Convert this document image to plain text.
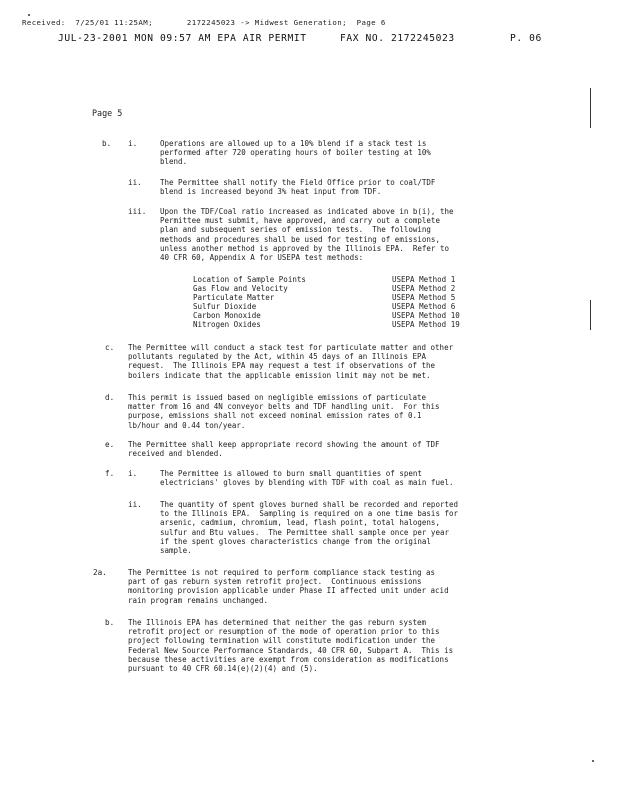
Received:  7/25/01 11:25AM;       2172245023 -> Midwest Generation;  Page 6

JUL-23-2001 MON 09:57 AM EPA AIR PERMIT

	FAX NO. 2172245023

	P. 06

Page 5
b. i.	Operations are allowed up to a 10% blend if a stack test is
performed after 720 operating hours of boiler testing at 10%
blend.
ii. The Permittee shall notify the Field Office prior to coal/TDF
blend is increased beyond 3% heat input from TDF.
iii. Upon the TDF/Coal ratio increased as indicated above in b(i), the
Permittee must submit, have approved, and carry out a complete
plan and subsequent series of emission tests.  The following
methods and procedures shall be used for testing of emissions,
unless another method is approved by the Illinois EPA.  Refer to
40 CFR 60, Appendix A for USEPA test methods:
Location of Sample Points	USEPA Method 1
Gas Flow and Velocity	USEPA Method 2
Particulate Matter	USEPA Method 5
Sulfur Dioxide	USEPA Method 6
Carbon Monoxide	USEPA Method 10
Nitrogen Oxides	USEPA Method 19
c. The Permittee will conduct a stack test for particulate matter and other
pollutants regulated by the Act, within 45 days of an Illinois EPA
request.  The Illinois EPA may request a test if observations of the
boilers indicate that the applicable emission limit may not be met.
d. This permit is issued based on negligible emissions of particulate
matter from 16 and 4N conveyor belts and TDF handling unit.  For this
purpose, emissions shall not exceed nominal emission rates of 0.1
lb/hour and 0.44 ton/year.
e. The Permittee shall keep appropriate record showing the amount of TDF
received and blended.
f. i.	The Permittee is allowed to burn small quantities of spent
electricians' gloves by blending with TDF with coal as main fuel.
ii. The quantity of spent gloves burned shall be recorded and reported
to the Illinois EPA.  Sampling is required on a one time basis for
arsenic, cadmium, chromium, lead, flash point, total halogens,
sulfur and Btu values.  The Permittee shall sample once per year
if the spent gloves characteristics change from the original
sample.
2a.	The Permittee is not required to perform compliance stack testing as
part of gas reburn system retrofit project.  Continuous emissions
monitoring provision applicable under Phase II affected unit under acid
rain program remains unchanged.
b. The Illinois EPA has determined that neither the gas reburn system
retrofit project or resumption of the mode of operation prior to this
project following termination will constitute modification under the
Federal New Source Performance Standards, 40 CFR 60, Subpart A.  This is
because these activities are exempt from consideration as modifications
pursuant to 40 CFR 60.14(e)(2)(4) and (5).
